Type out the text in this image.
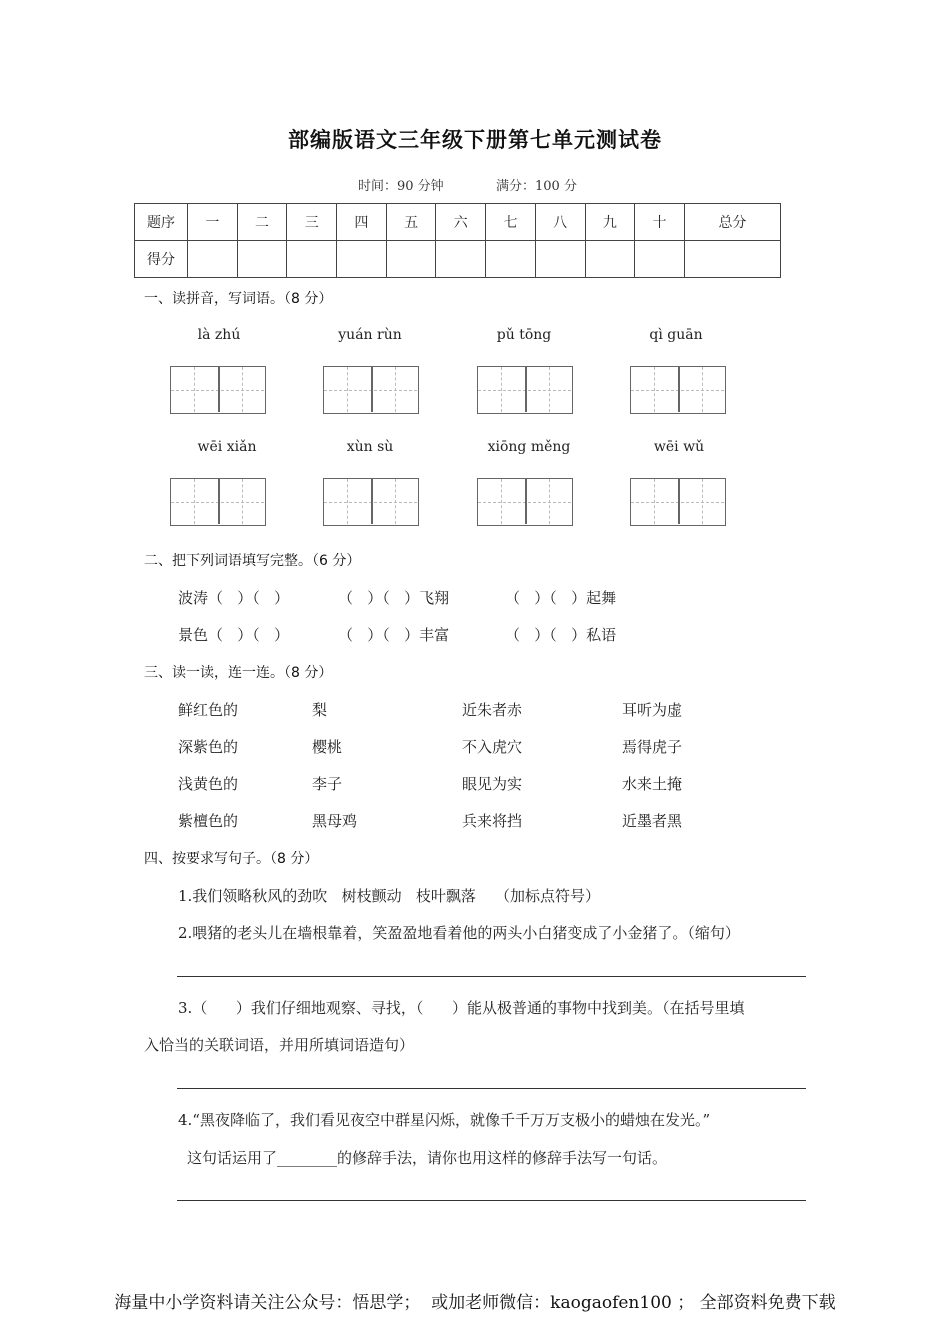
部编版语文三年级下册第七单元测试卷
时间：90 分钟	满分：100 分
题序	一	二	三	四	五	六	七	八	九	十	总分
得分											
一、读拼音，写词语。（8 分）
là zhú	yuán rùn	pǔ tōng	qì guān
wēi xiǎn	xùn sù	xiōng měng	wēi wǔ
二、把下列词语填写完整。（6 分）
波涛（   ）（   ）	（   ）（   ）飞翔	（   ）（   ）起舞
景色（   ）（   ）	（   ）（   ）丰富	（   ）（   ）私语
三、读一读，连一连。（8 分）
鲜红色的	梨	近朱者赤	耳听为虚
深紫色的	樱桃	不入虎穴	焉得虎子
浅黄色的	李子	眼见为实	水来土掩
紫檀色的	黑母鸡	兵来将挡	近墨者黑
四、按要求写句子。（8 分）
1.我们领略秋风的劲吹   树枝颤动   枝叶飘落    （加标点符号）
2.喂猪的老头儿在墙根靠着，笑盈盈地看着他的两头小白猪变成了小金猪了。（缩句）
3.（      ）我们仔细地观察、寻找，（      ）能从极普通的事物中找到美。（在括号里填
入恰当的关联词语，并用所填词语造句）
4.“黑夜降临了，我们看见夜空中群星闪烁，就像千千万万支极小的蜡烛在发光。”
这句话运用了________的修辞手法，请你也用这样的修辞手法写一句话。
海量中小学资料请关注公众号：悟思学；  或加老师微信：kaogaofen100 ； 全部资料免费下载
